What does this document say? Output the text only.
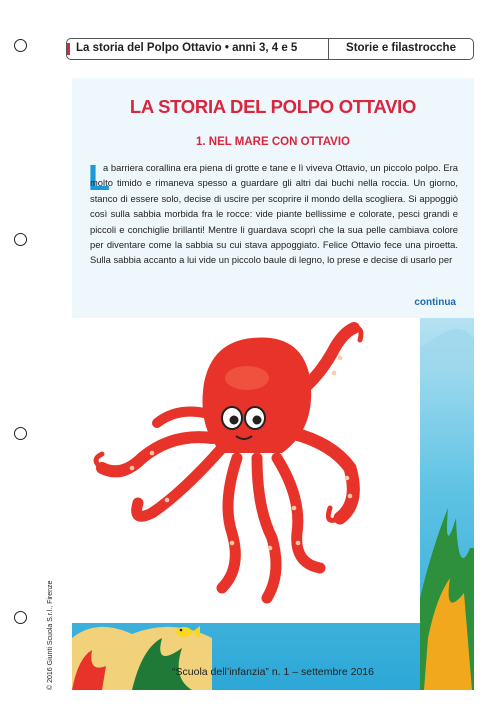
La storia del Polpo Ottavio • anni 3, 4 e 5	Storie e filastrocche
LA STORIA DEL POLPO OTTAVIO
1. NEL MARE CON OTTAVIO
L
a barriera corallina era piena di grotte e tane e lì viveva Ottavio, un piccolo polpo. Era molto timido e rimaneva spesso a guardare gli altri dai buchi nella roccia. Un giorno, stanco di essere solo, decise di uscire per scoprire il mondo della scogliera. Si appoggiò così sulla sabbia morbida fra le rocce: vide piante bellissime e colorate, pesci grandi e piccoli e conchiglie brillanti! Mentre li guardava scoprì che la sua pelle cambiava colore per diventare come la sabbia su cui stava appoggiato. Felice Ottavio fece una piroetta. Sulla sabbia accanto a lui vide un piccolo baule di legno, lo prese e decise di usarlo per
continua
“Scuola dell’infanzia” n. 1 – settembre 2016
© 2016 Giunti Scuola S.r.l., Firenze
